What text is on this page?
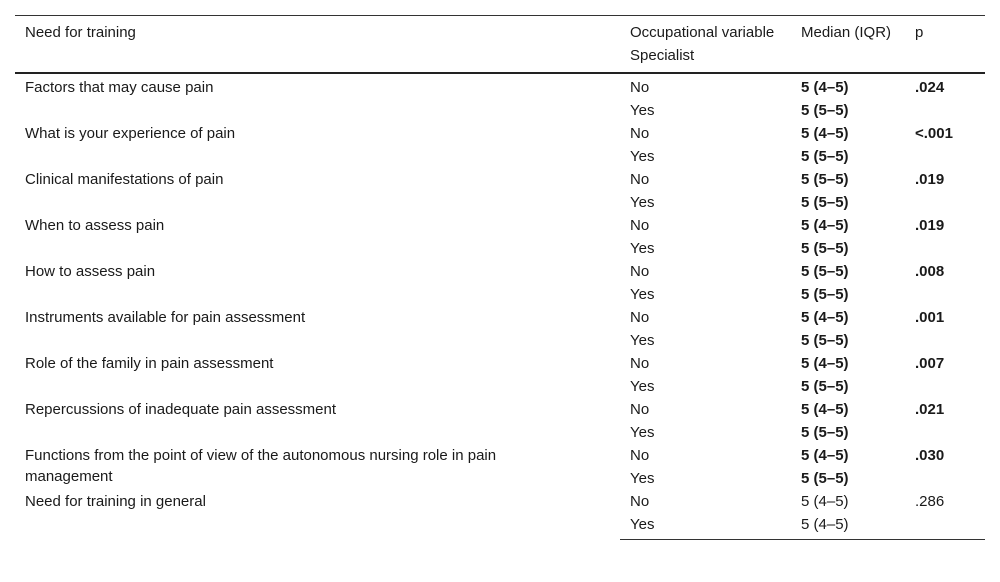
Need for training	Occupational variable	Median (IQR)	p
	Specialist		
Factors that may cause pain	No	5 (4–5)	.024
	Yes	5 (5–5)	
What is your experience of pain	No	5 (4–5)	<.001
	Yes	5 (5–5)	
Clinical manifestations of pain	No	5 (5–5)	.019
	Yes	5 (5–5)	
When to assess pain	No	5 (4–5)	.019
	Yes	5 (5–5)	
How to assess pain	No	5 (5–5)	.008
	Yes	5 (5–5)	
Instruments available for pain assessment	No	5 (4–5)	.001
	Yes	5 (5–5)	
Role of the family in pain assessment	No	5 (4–5)	.007
	Yes	5 (5–5)	
Repercussions of inadequate pain assessment	No	5 (4–5)	.021
	Yes	5 (5–5)	
Functions from the point of view of the autonomous nursing role in pain management	No	5 (4–5)	.030
	Yes	5 (5–5)	
Need for training in general	No	5 (4–5)	.286
	Yes	5 (4–5)	
